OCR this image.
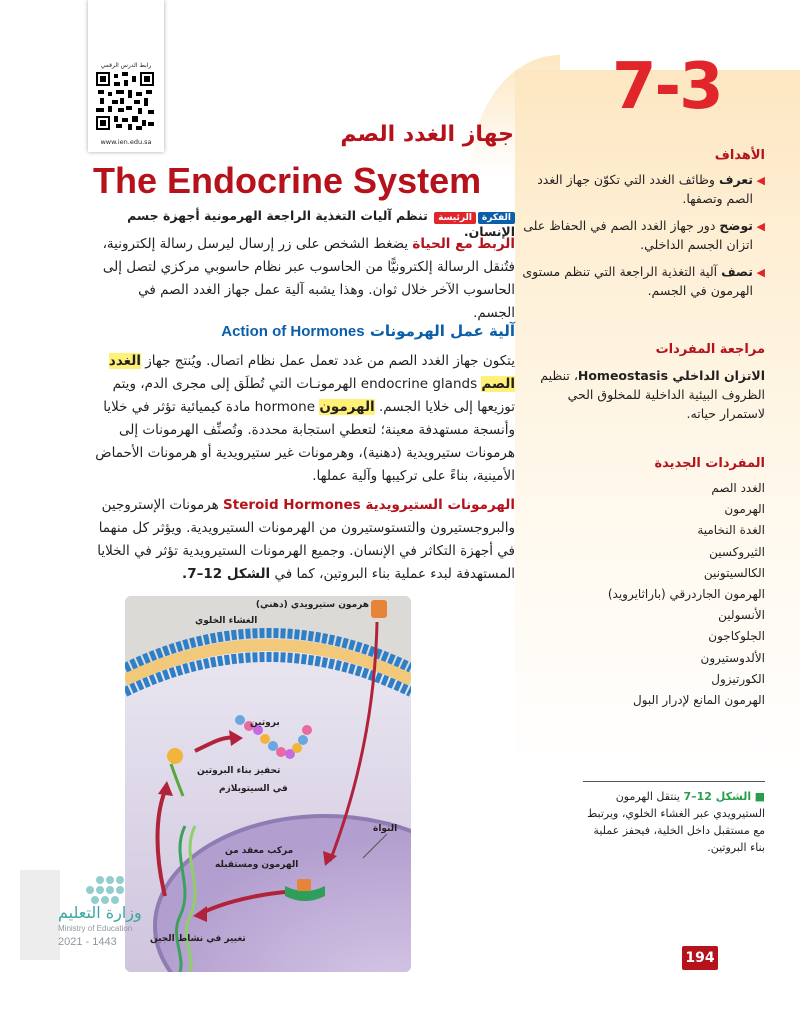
رابط الدرس الرقمي
www.ien.edu.sa
7-3
جهاز الغدد الصم
The Endocrine System
الفكرةالرئيسة تنظم آليات التغذية الراجعة الهرمونية أجهزة جسم الإنسان.
الربط مع الحياة يضغط الشخص على زر إرسال ليرسل رسالة إلكترونية، فتُنقل الرسالة إلكترونيًّا من الحاسوب عبر نظام حاسوبي مركزي لتصل إلى الحاسوب الآخر خلال ثوان. وهذا يشبه آلية عمل جهاز الغدد الصم في الجسم.
آلية عمل الهرمونات Action of Hormones
يتكون جهاز الغدد الصم من غدد تعمل عمل نظام اتصال. ويُنتج جهاز الغدد الصم endocrine glands الهرمونـات التي تُطلَق إلى مجرى الدم، ويتم توزيعها إلى خلايا الجسم. الهرمون hormone مادة كيميائية تؤثر في خلايا وأنسجة مستهدفة معينة؛ لتعطي استجابة محددة. وتُصنِّف الهرمونات إلى هرمونات ستيرويدية (دهنية)، وهرمونات غير ستيرويدية أو هرمونات الأحماض الأمينية، بناءً على تركيبها وآلية عملها.
الهرمونات الستيرويدية Steroid Hormones هرمونات الإستروجين والبروجستيرون والتستوستيرون من الهرمونات الستيرويدية. ويؤثر كل منهما في أجهزة التكاثر في الإنسان. وجميع الهرمونات الستيرويدية تؤثر في الخلايا المستهدفة لبدء عملية بناء البروتين، كما في الشكل 12–7.
هرمون ستيرويدي (دهني)
الغشاء الخلوي
بروتين
تحفيز بناء البروتين
في السيتوبلازم
النواة
مركب معقد من
الهرمون ومستقبله
تغيير في نشاط الجين
الأهداف
◀
تعرف وظائف الغدد التي تكوّن جهاز الغدد الصم وتصفها.
◀
توضح دور جهاز الغدد الصم في الحفاظ على اتزان الجسم الداخلي.
◀
تصف آلية التغذية الراجعة التي تنظم مستوى الهرمون في الجسم.
مراجعة المفردات
الاتزان الداخلي Homeostasis، تنظيم الظروف البيئية الداخلية للمخلوق الحي لاستمرار حياته.
المفردات الجديدة
الغدد الصم
الهرمون
الغدة النخامية
الثيروكسين
الكالسيتونين
الهرمون الجاردرقي (باراثايرويد)
الأنسولين
الجلوكاجون
الألدوستيرون
الكورتيزول
الهرمون المانع لإدرار البول
■ الشكل 12–7 ينتقل الهرمون الستيرويدي عبر الغشاء الخلوي، ويرتبط مع مستقبل داخل الخلية، فيحفز عملية بناء البروتين.
وزارة التعليم
Ministry of Education
2021 - 1443
194
